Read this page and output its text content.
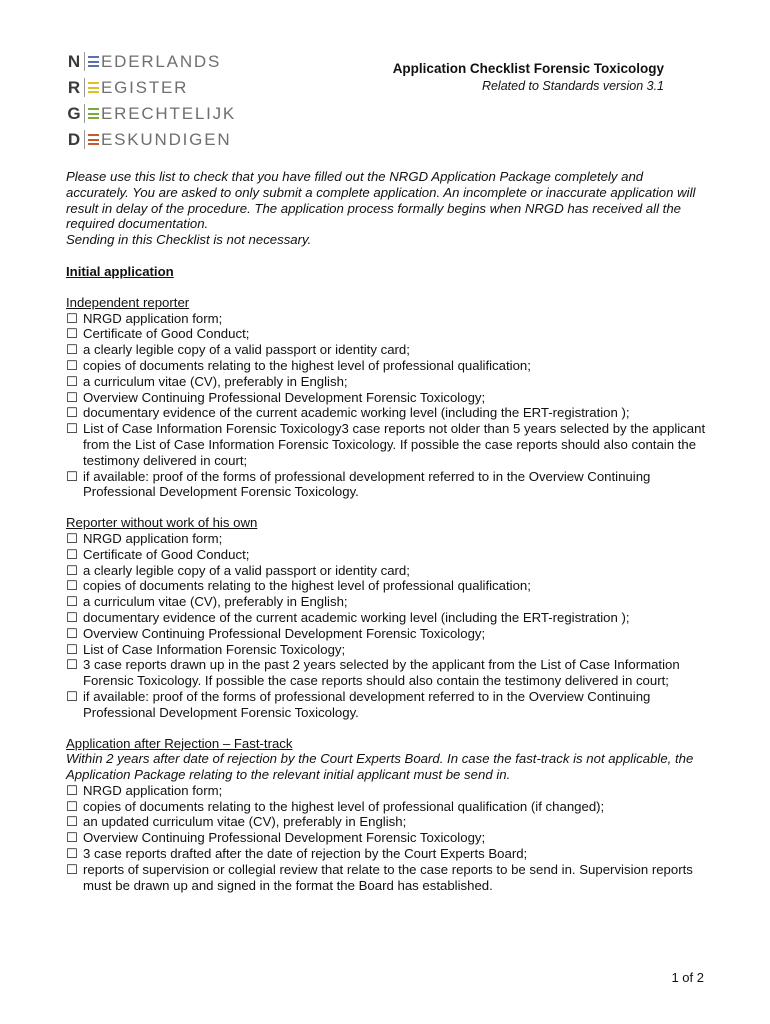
N EDERLANDS
R EGISTER
G ERECHTELIJK
D ESKUNDIGEN
Application Checklist Forensic Toxicology
Related to Standards version 3.1

Please use this list to check that you have filled out the NRGD Application Package completely and accurately. You are asked to only submit a complete application. An incomplete or inaccurate application will result in delay of the procedure. The application process formally begins when NRGD has received all the required documentation.
Sending in this Checklist is not necessary.

Initial application
Independent reporter
☐ NRGD application form;
☐ Certificate of Good Conduct;
☐ a clearly legible copy of a valid passport or identity card;
☐ copies of documents relating to the highest level of professional qualification;
☐ a curriculum vitae (CV), preferably in English;
☐ Overview Continuing Professional Development Forensic Toxicology;
☐ documentary evidence of the current academic working level (including the ERT-registration );
☐ List of Case Information Forensic Toxicology3 case reports not older than 5 years selected by the applicant from the List of Case Information Forensic Toxicology. If possible the case reports should also contain the testimony delivered in court;
☐ if available: proof of the forms of professional development referred to in the Overview Continuing Professional Development Forensic Toxicology.
Reporter without work of his own
☐ NRGD application form;
☐ Certificate of Good Conduct;
☐ a clearly legible copy of a valid passport or identity card;
☐ copies of documents relating to the highest level of professional qualification;
☐ a curriculum vitae (CV), preferably in English;
☐ documentary evidence of the current academic working level (including the ERT-registration );
☐ Overview Continuing Professional Development Forensic Toxicology;
☐ List of Case Information Forensic Toxicology;
☐ 3 case reports drawn up in the past 2 years selected by the applicant from the List of Case Information Forensic Toxicology. If possible the case reports should also contain the testimony delivered in court;
☐ if available: proof of the forms of professional development referred to in the Overview Continuing Professional Development Forensic Toxicology.
Application after Rejection – Fast-track
Within 2 years after date of rejection by the Court Experts Board. In case the fast-track is not applicable, the Application Package relating to the relevant initial applicant must be send in.
☐ NRGD application form;
☐ copies of documents relating to the highest level of professional qualification (if changed);
☐ an updated curriculum vitae (CV), preferably in English;
☐ Overview Continuing Professional Development Forensic Toxicology;
☐ 3 case reports drafted after the date of rejection by the Court Experts Board;
☐ reports of supervision or collegial review that relate to the case reports to be send in. Supervision reports must be drawn up and signed in the format the Board has established.
1 of 2
